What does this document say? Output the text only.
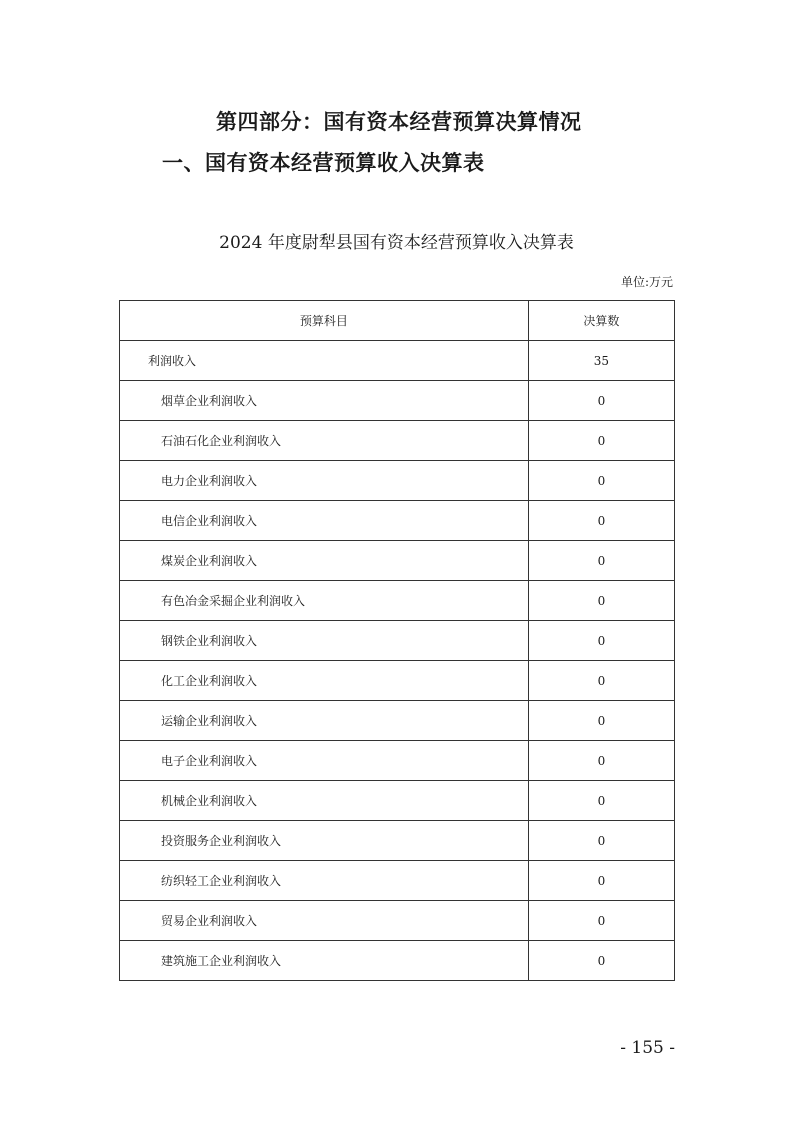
第四部分：国有资本经营预算决算情况
一、国有资本经营预算收入决算表
2024 年度尉犁县国有资本经营预算收入决算表
单位:万元
预算科目	决算数
利润收入	35
烟草企业利润收入	0
石油石化企业利润收入	0
电力企业利润收入	0
电信企业利润收入	0
煤炭企业利润收入	0
有色冶金采掘企业利润收入	0
钢铁企业利润收入	0
化工企业利润收入	0
运输企业利润收入	0
电子企业利润收入	0
机械企业利润收入	0
投资服务企业利润收入	0
纺织轻工企业利润收入	0
贸易企业利润收入	0
建筑施工企业利润收入	0
- 155 -
